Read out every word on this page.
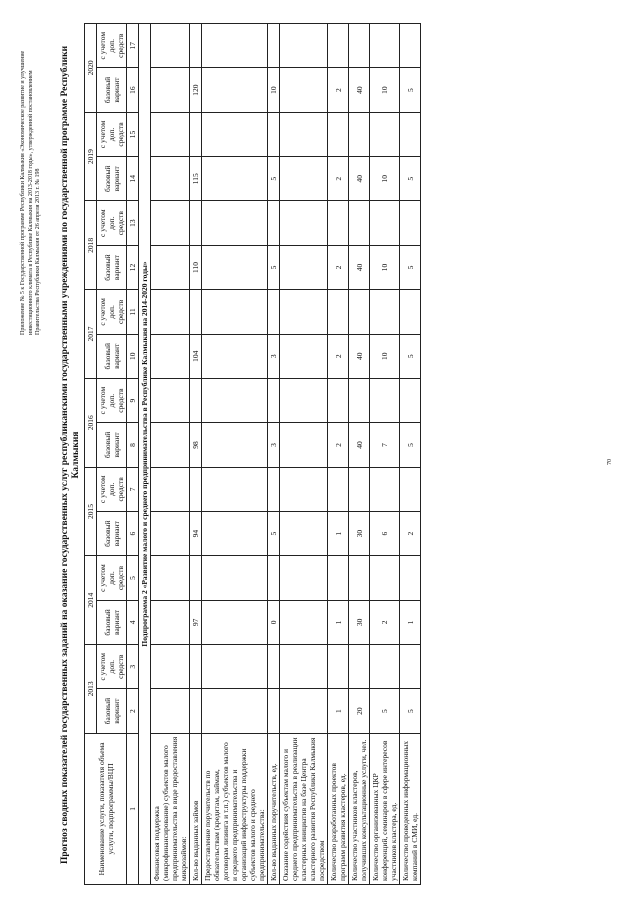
Приложение № 5 к Государственной программе Республики Калмыкия «Экономическое развитие и улучшение инвестиционного климата в Республике Калмыкия на 2013-2018 годы», утвержденной постановлением Правительства Республики Калмыкия от 26 апреля 2013 г. № 198 Прогноз сводных показателей государственных заданий на оказание государственных услуг республиканскими государственными учреждениями по государственной программе Республики Калмыкия
Наименование услуги, показателя объема услуги, подпрограммы/ВЦП	2013		2014		2015		2016		2017		2018		2019		2020	
	базовый вариант	с учетом доп. средств	базовый вариант	с учетом доп. средств	базовый вариант	с учетом доп. средств	базовый вариант	с учетом доп. средств	базовый вариант	с учетом доп. средств	базовый вариант	с учетом доп. средств	базовый вариант	с учетом доп. средств	базовый вариант	с учетом доп. средств
1	2	3	4	5	6	7	8	9	10	11	12	13	14	15	16	17
Подпрограмма 2 «Развитие малого и среднего предпринимательства в Республике Калмыкия на 2014-2020 годы»																
Финансовая поддержка (микрофинансирование) субъектов малого предпринимательства в виде предоставления микрозаймов:																
Кол-во выданных займов			97		94		98		104		110		115		120	
Предоставление поручительств по обязательствам (кредитам, займам, договорам лизинга и т.п.) субъектов малого и среднего предпринимательства и организаций инфраструктуры поддержки субъектов малого и среднего предпринимательства:																
Кол-во выданных поручительств, ед.			0		5		3		3		5		5		10	
Оказание содействия субъектам малого и среднего предпринимательства в реализации кластерных инициатив на базе Центра кластерного развития Республики Калмыкия посредством																
Количество разработанных проектов программ развития кластеров, ед.	1		1		1		2		2		2		2		2	
Количество участников кластеров, получивших консультационные услуги, чел.	20		30		30		40		40		40		40		40	
Количество организованных ЦКР конференций, семинаров в сфере интересов участников кластера, ед.	5		2		6		7		10		10		10		10	
Количество проведенных информационных компаний в СМИ, ед.	5		1		2		5		5		5		5		5	
70
